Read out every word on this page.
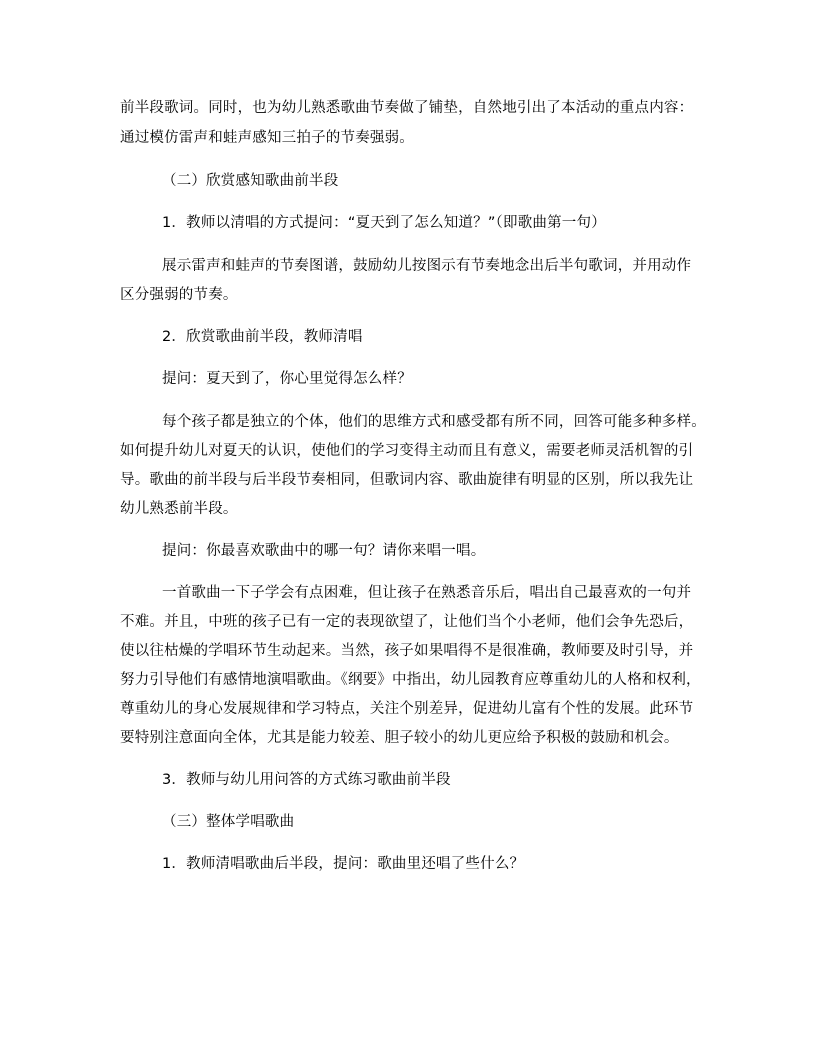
前半段歌词。同时，也为幼儿熟悉歌曲节奏做了铺垫，自然地引出了本活动的重点内容：
通过模仿雷声和蛙声感知三拍子的节奏强弱。
（二）欣赏感知歌曲前半段
1．教师以清唱的方式提问：“夏天到了怎么知道？”（即歌曲第一句）
展示雷声和蛙声的节奏图谱，鼓励幼儿按图示有节奏地念出后半句歌词，并用动作
区分强弱的节奏。
2．欣赏歌曲前半段，教师清唱
提问：夏天到了，你心里觉得怎么样？
每个孩子都是独立的个体，他们的思维方式和感受都有所不同，回答可能多种多样。
如何提升幼儿对夏天的认识，使他们的学习变得主动而且有意义，需要老师灵活机智的引
导。歌曲的前半段与后半段节奏相同，但歌词内容、歌曲旋律有明显的区别，所以我先让
幼儿熟悉前半段。
提问：你最喜欢歌曲中的哪一句？请你来唱一唱。
一首歌曲一下子学会有点困难，但让孩子在熟悉音乐后，唱出自己最喜欢的一句并
不难。并且，中班的孩子已有一定的表现欲望了，让他们当个小老师，他们会争先恐后，
使以往枯燥的学唱环节生动起来。当然，孩子如果唱得不是很准确，教师要及时引导，并
努力引导他们有感情地演唱歌曲。《纲要》中指出，幼儿园教育应尊重幼儿的人格和权利，
尊重幼儿的身心发展规律和学习特点，关注个别差异，促进幼儿富有个性的发展。此环节
要特别注意面向全体，尤其是能力较差、胆子较小的幼儿更应给予积极的鼓励和机会。
3．教师与幼儿用问答的方式练习歌曲前半段
（三）整体学唱歌曲
1．教师清唱歌曲后半段，提问：歌曲里还唱了些什么？
